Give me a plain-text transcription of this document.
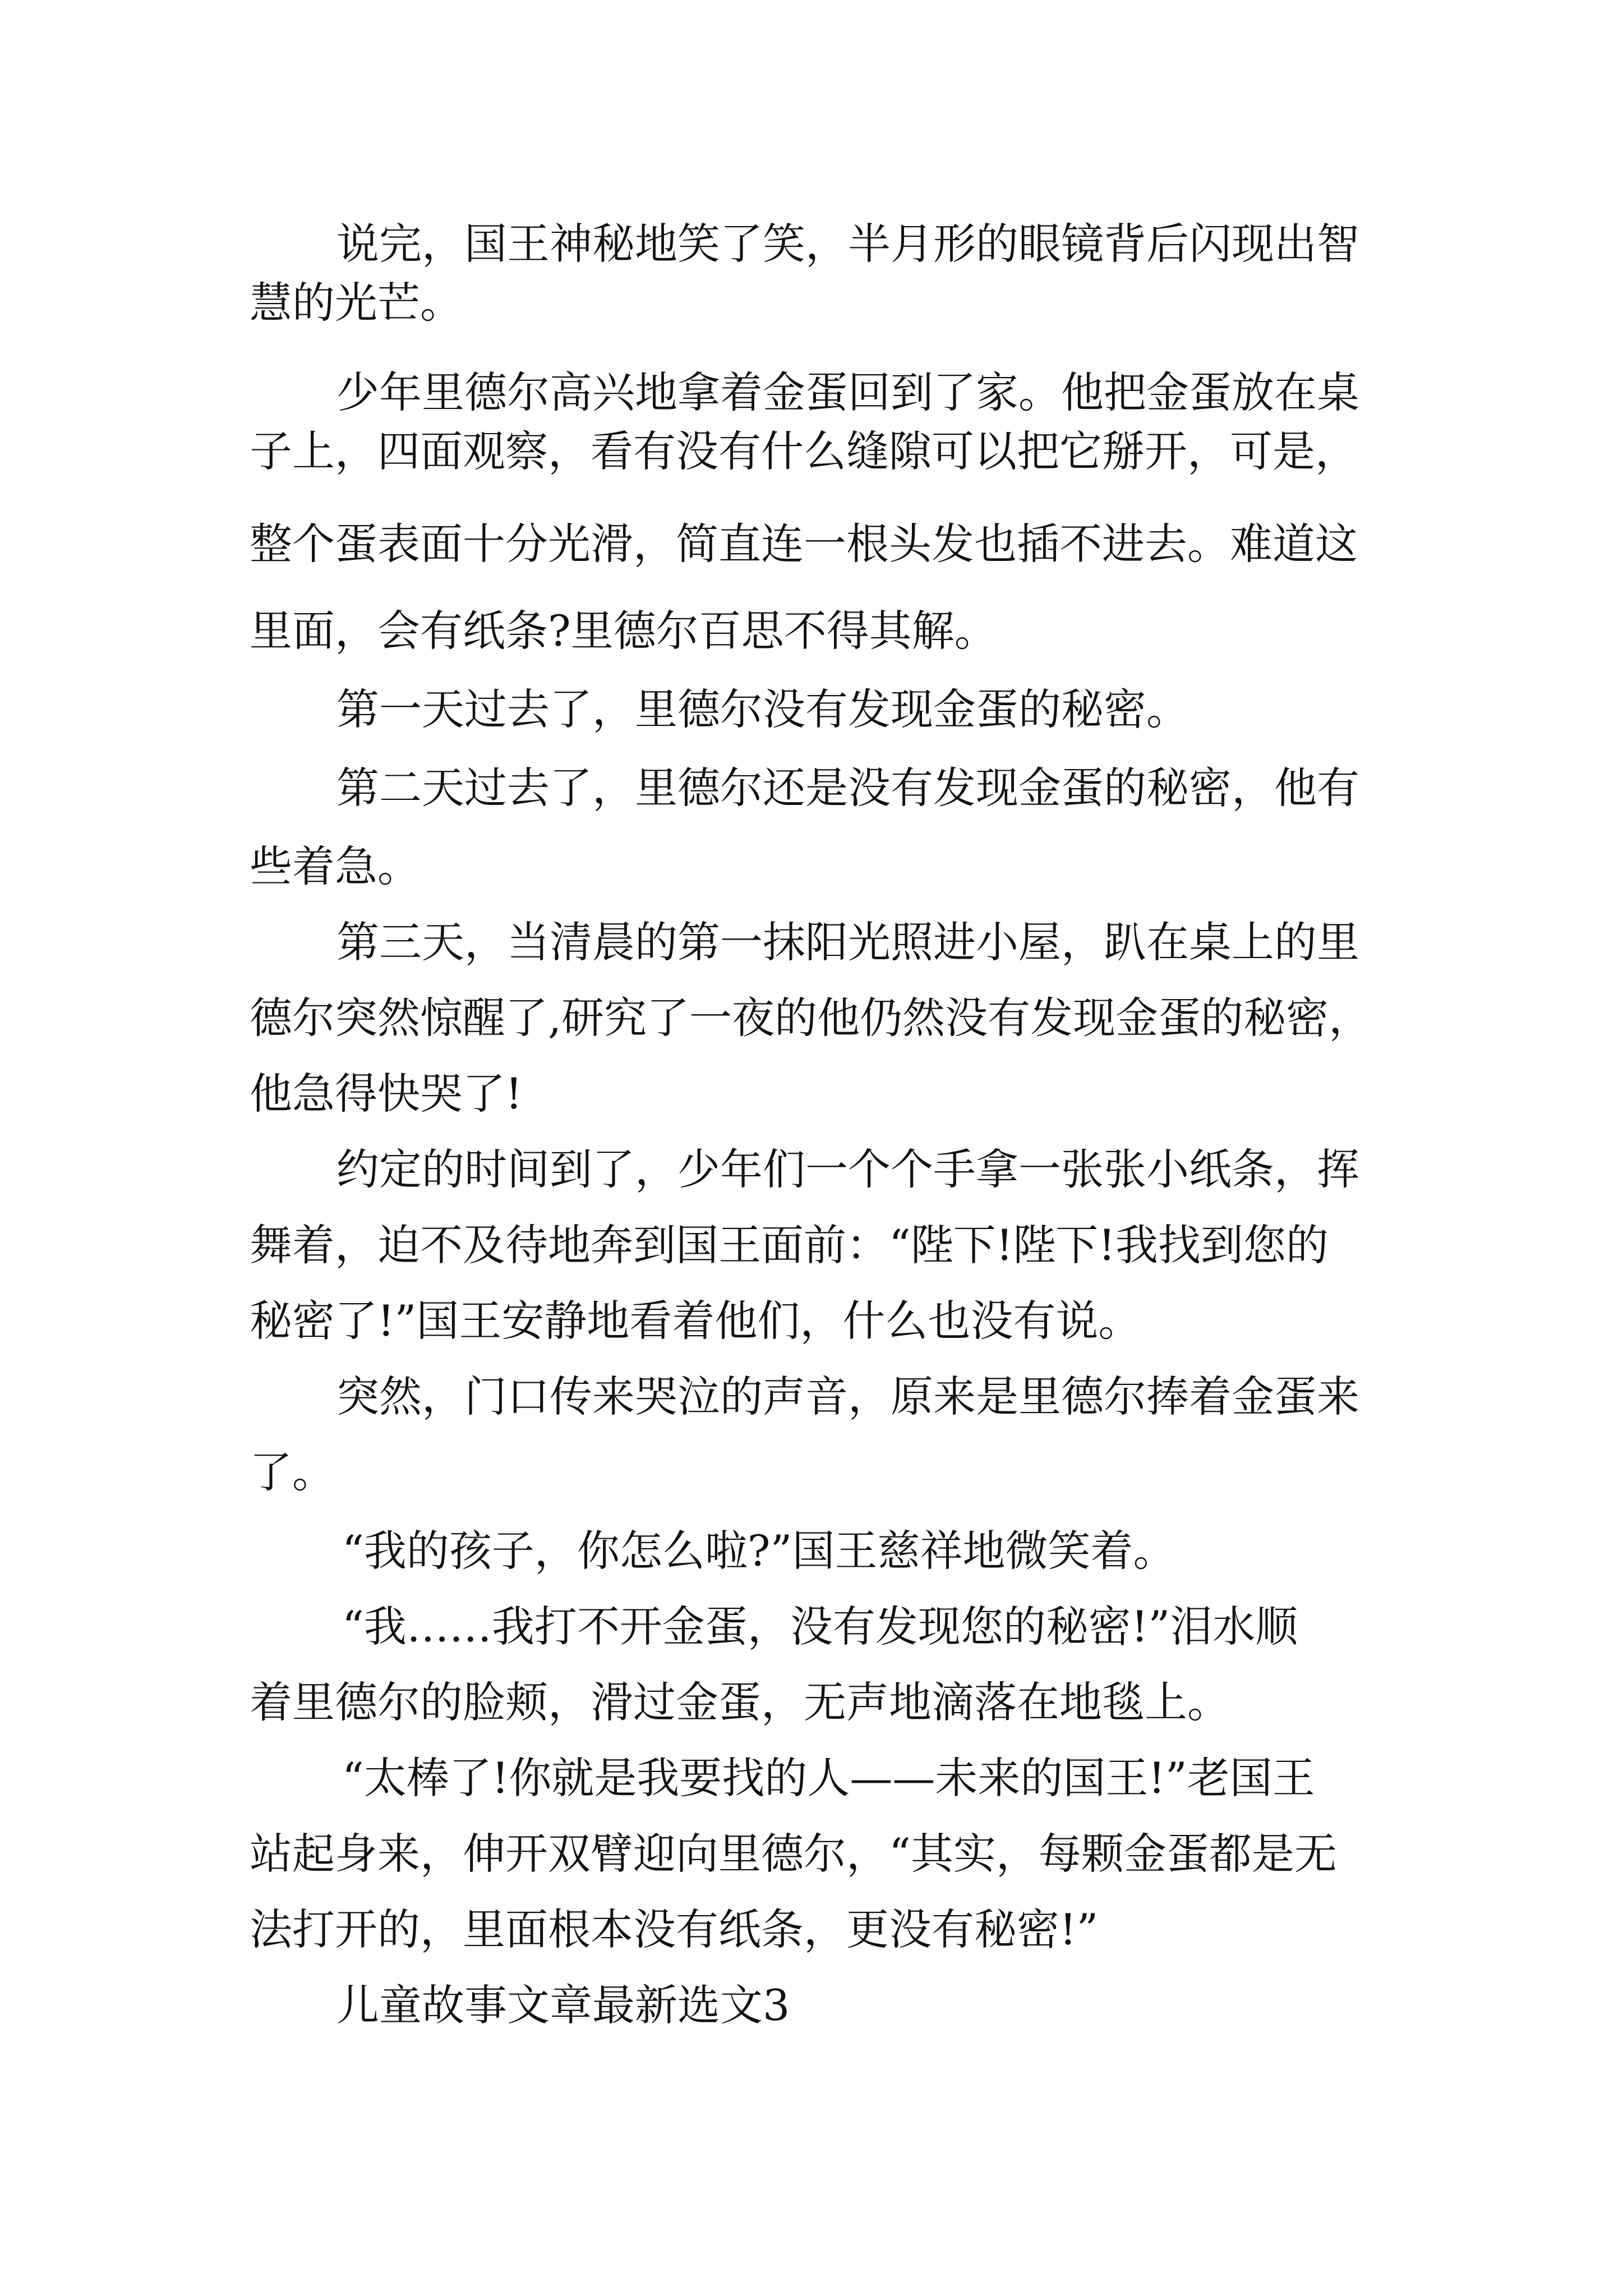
说完，国王神秘地笑了笑，半月形的眼镜背后闪现出智

慧的光芒。

少年里德尔高兴地拿着金蛋回到了家。他把金蛋放在桌

子上，四面观察，看有没有什么缝隙可以把它掰开，可是，

整个蛋表面十分光滑，简直连一根头发也插不进去。难道这

里面，会有纸条?里德尔百思不得其解。

第一天过去了，里德尔没有发现金蛋的秘密。

第二天过去了，里德尔还是没有发现金蛋的秘密，他有

些着急。

第三天，当清晨的第一抹阳光照进小屋，趴在桌上的里

德尔突然惊醒了,研究了一夜的他仍然没有发现金蛋的秘密，

他急得快哭了!

约定的时间到了，少年们一个个手拿一张张小纸条，挥

舞着，迫不及待地奔到国王面前：“陛下!陛下!我找到您的

秘密了!”国王安静地看着他们，什么也没有说。

突然，门口传来哭泣的声音，原来是里德尔捧着金蛋来

了。

“我的孩子，你怎么啦?”国王慈祥地微笑着。

“我……我打不开金蛋，没有发现您的秘密!”泪水顺

着里德尔的脸颊，滑过金蛋，无声地滴落在地毯上。

“太棒了!你就是我要找的人——未来的国王!”老国王

站起身来，伸开双臂迎向里德尔，“其实，每颗金蛋都是无

法打开的，里面根本没有纸条，更没有秘密!”

儿童故事文章最新选文3
